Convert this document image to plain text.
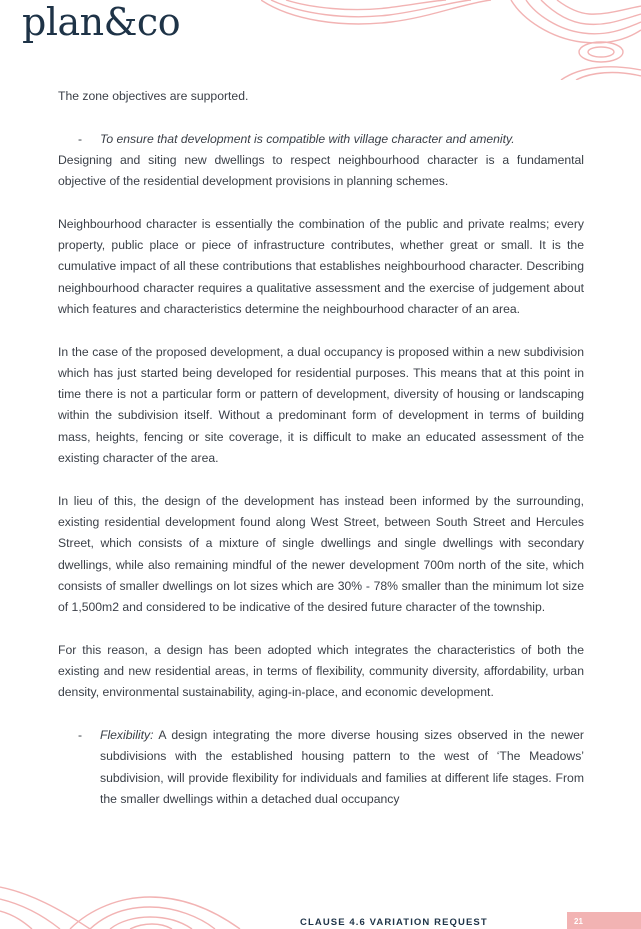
plan&co

The zone objectives are supported.

- To ensure that development is compatible with village character and amenity.

Designing and siting new dwellings to respect neighbourhood character is a fundamental objective of the residential development provisions in planning schemes.

Neighbourhood character is essentially the combination of the public and private realms; every property, public place or piece of infrastructure contributes, whether great or small. It is the cumulative impact of all these contributions that establishes neighbourhood character. Describing neighbourhood character requires a qualitative assessment and the exercise of judgement about which features and characteristics determine the neighbourhood character of an area.

In the case of the proposed development, a dual occupancy is proposed within a new subdivision which has just started being developed for residential purposes. This means that at this point in time there is not a particular form or pattern of development, diversity of housing or landscaping within the subdivision itself. Without a predominant form of development in terms of building mass, heights, fencing or site coverage, it is difficult to make an educated assessment of the existing character of the area.

In lieu of this, the design of the development has instead been informed by the surrounding, existing residential development found along West Street, between South Street and Hercules Street, which consists of a mixture of single dwellings and single dwellings with secondary dwellings, while also remaining mindful of the newer development 700m north of the site, which consists of smaller dwellings on lot sizes which are 30% - 78% smaller than the minimum lot size of 1,500m2 and considered to be indicative of the desired future character of the township.

For this reason, a design has been adopted which integrates the characteristics of both the existing and new residential areas, in terms of flexibility, community diversity, affordability, urban density, environmental sustainability, aging-in-place, and economic development.

- Flexibility: A design integrating the more diverse housing sizes observed in the newer subdivisions with the established housing pattern to the west of ‘The Meadows’ subdivision, will provide flexibility for individuals and families at different life stages. From the smaller dwellings within a detached dual occupancy

CLAUSE 4.6 VARIATION REQUEST	21
